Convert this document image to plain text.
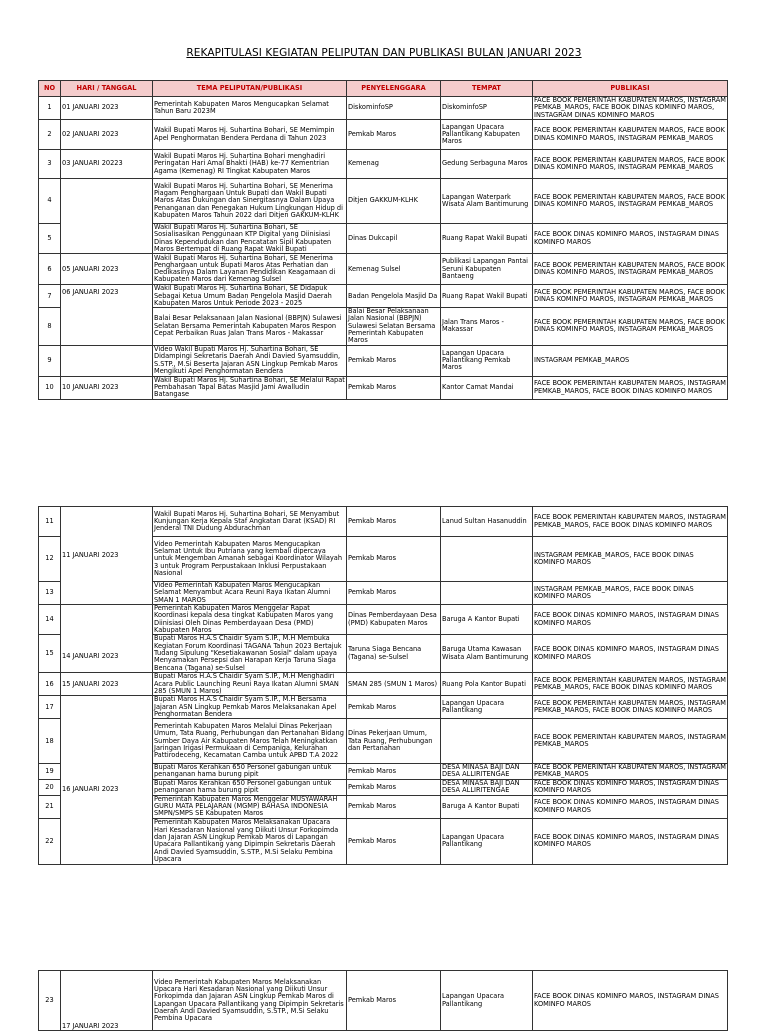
REKAPITULASI KEGIATAN PELIPUTAN DAN PUBLIKASI BULAN JANUARI 2023
NO	HARI / TANGGAL	TEMA PELIPUTAN/PUBLIKASI	PENYELENGGARA	TEMPAT	PUBLIKASI
1	01 JANUARI 2023	Pemerintah Kabupaten Maros Mengucapkan Selamat Tahun Baru 2023M	DiskominfoSP	DiskominfoSP	FACE BOOK PEMERINTAH KABUPATEN MAROS, INSTAGRAM PEMKAB_MAROS, FACE BOOK DINAS KOMINFO MAROS, INSTAGRAM DINAS KOMINFO MAROS
2	02 JANUARI 2023	Wakil Bupati Maros Hj. Suhartina Bohari, SE Memimpin Apel Penghormatan Bendera Perdana di Tahun 2023	Pemkab Maros	Lapangan Upacara Pallantikang Kabupaten Maros	FACE BOOK PEMERINTAH KABUPATEN MAROS, FACE BOOK DINAS KOMINFO MAROS, INSTAGRAM PEMKAB_MAROS
3	03 JANUARI 20223	Wakil Bupati Maros Hj. Suhartina Bohari menghadiri Peringatan Hari Amal Bhakti (HAB) ke-77 Kementrian Agama (Kemenag) RI Tingkat Kabupaten Maros	Kemenag	Gedung Serbaguna Maros	FACE BOOK PEMERINTAH KABUPATEN MAROS, FACE BOOK DINAS KOMINFO MAROS, INSTAGRAM PEMKAB_MAROS
4		Wakil Bupati Maros Hj. Suhartina Bohari, SE Menerima Piagam Penghargaan Untuk Bupati dan Wakil Bupati Maros Atas Dukungan dan Sinergitasnya Dalam Upaya Penanganan dan Penegakan Hukum Lingkungan Hidup di Kabupaten Maros Tahun 2022 dari Ditjen GAKKUM-KLHK	Ditjen GAKKUM-KLHK	Lapangan Waterpark Wisata Alam Bantimurung	FACE BOOK PEMERINTAH KABUPATEN MAROS, FACE BOOK DINAS KOMINFO MAROS, INSTAGRAM PEMKAB_MAROS
5		Wakil Bupati Maros Hj. Suhartina Bohari, SE Sosialisasikan Penggunaan KTP Digital yang Diinisiasi Dinas Kependudukan dan Pencatatan Sipil Kabupaten Maros Bertempat di Ruang Rapat Wakil Bupati	Dinas Dukcapil	Ruang Rapat Wakil Bupati	FACE BOOK DINAS KOMINFO MAROS, INSTAGRAM DINAS KOMINFO MAROS
6	05 JANUARI 2023	Wakil Bupati Maros Hj. Suhartina Bohari, SE Menerima Penghargaan untuk Bupati Maros Atas Perhatian dan Dedikasinya Dalam Layanan Pendidikan Keagamaan di Kabupaten Maros dari Kemenag Sulsel	Kemenag Sulsel	Publikasi Lapangan Pantai Seruni Kabupaten Bantaeng	FACE BOOK PEMERINTAH KABUPATEN MAROS, FACE BOOK DINAS KOMINFO MAROS, INSTAGRAM PEMKAB_MAROS
7	06 JANUARI 2023	Wakil Bupati Maros Hj. Suhartina Bohari, SE Didapuk Sebagai Ketua Umum Badan Pengelola Masjid Daerah Kabupaten Maros Untuk Periode 2023 - 2025	Badan Pengelola Masjid Da	Ruang Rapat Wakil Bupati	FACE BOOK PEMERINTAH KABUPATEN MAROS, FACE BOOK DINAS KOMINFO MAROS, INSTAGRAM PEMKAB_MAROS
8		Balai Besar Pelaksanaan Jalan Nasional (BBPJN) Sulawesi Selatan Bersama Pemerintah Kabupaten Maros Respon Cepat Perbaikan Ruas Jalan Trans Maros - Makassar	Balai Besar Pelaksanaan Jalan Nasional (BBPJN) Sulawesi Selatan Bersama Pemerintah Kabupaten Maros	Jalan Trans Maros - Makassar	FACE BOOK PEMERINTAH KABUPATEN MAROS, FACE BOOK DINAS KOMINFO MAROS, INSTAGRAM PEMKAB_MAROS
9		Video Wakil Bupati Maros Hj. Suhartina Bohari, SE Didampingi Sekretaris Daerah Andi Davied Syamsuddin, S.STP., M.Si Beserta Jajaran ASN Lingkup Pemkab Maros Mengikuti Apel Penghormatan Bendera	Pemkab Maros	Lapangan Upacara Pallantikang Pemkab Maros	INSTAGRAM PEMKAB_MAROS
10	10 JANUARI 2023	Wakil Bupati Maros Hj. Suhartina Bohari, SE Melalui Rapat Pembahasan Tapal Batas Masjid Jami Awalludin Batangase	Pemkab Maros	Kantor Camat Mandai	FACE BOOK PEMERINTAH KABUPATEN MAROS, INSTAGRAM PEMKAB_MAROS, FACE BOOK DINAS KOMINFO MAROS
11	11 JANUARI 2023	Wakil Bupati Maros Hj. Suhartina Bohari, SE Menyambut Kunjungan Kerja Kepala Staf Angkatan Darat (KSAD) RI Jenderal TNI Dudung Abdurachman	Pemkab Maros	Lanud Sultan Hasanuddin	FACE BOOK PEMERINTAH KABUPATEN MAROS, INSTAGRAM PEMKAB_MAROS, FACE BOOK DINAS KOMINFO MAROS
12		Video Pemerintah Kabupaten Maros Mengucapkan Selamat Untuk Ibu Putriana yang kembali dipercaya untuk Mengemban Amanah sebagai Koordinator Wilayah 3 untuk Program Perpustakaan Inklusi Perpustakaan Nasional	Pemkab Maros		INSTAGRAM PEMKAB_MAROS, FACE BOOK DINAS KOMINFO MAROS
13		Video Pemerintah Kabupaten Maros Mengucapkan Selamat Menyambut Acara Reuni Raya Ikatan Alumni SMAN 1 MAROS	Pemkab Maros		INSTAGRAM PEMKAB_MAROS, FACE BOOK DINAS KOMINFO MAROS
14	14 JANUARI 2023	Pemerintah Kabupaten Maros Menggelar Rapat Koordinasi kepala desa tingkat Kabupaten Maros yang Diinisiasi Oleh Dinas Pemberdayaan Desa (PMD) Kabupaten Maros	Dinas Pemberdayaan Desa (PMD) Kabupaten Maros	Baruga A Kantor Bupati	FACE BOOK DINAS KOMINFO MAROS, INSTAGRAM DINAS KOMINFO MAROS
15		Bupati Maros H.A.S Chaidir Syam S.IP., M.H Membuka Kegiatan Forum Koordinasi TAGANA Tahun 2023 Bertajuk Tudang Sipulung "Kesetiakawanan Sosial" dalam upaya Menyamakan Persepsi dan Harapan Kerja Taruna Siaga Bencana (Tagana) se-Sulsel	Taruna Siaga Bencana (Tagana) se-Sulsel	Baruga Utama Kawasan Wisata Alam Bantimurung	FACE BOOK DINAS KOMINFO MAROS, INSTAGRAM DINAS KOMINFO MAROS
16	15 JANUARI 2023	Bupati Maros H.A.S Chaidir Syam S.IP., M.H Menghadiri Acara Public Launching Reuni Raya Ikatan Alumni SMAN 285 (SMUN 1 Maros)	SMAN 285 (SMUN 1 Maros)	Ruang Pola Kantor Bupati	FACE BOOK PEMERINTAH KABUPATEN MAROS, INSTAGRAM PEMKAB_MAROS, FACE BOOK DINAS KOMINFO MAROS
17	16 JANUARI 2023	Bupati Maros H.A.S Chaidir Syam S.IP., M.H Bersama Jajaran ASN Lingkup Pemkab Maros Melaksanakan Apel Penghormatan Bendera	Pemkab Maros	Lapangan Upacara Pallantikang	FACE BOOK PEMERINTAH KABUPATEN MAROS, INSTAGRAM PEMKAB_MAROS, FACE BOOK DINAS KOMINFO MAROS
18		Pemerintah Kabupaten Maros Melalui Dinas Pekerjaan Umum, Tata Ruang, Perhubungan dan Pertanahan Bidang Sumber Daya Air Kabupaten Maros Telah Meningkatkan Jaringan Irigasi Permukaan di Cempaniga, Kelurahan Pattirodeceng, Kecamatan Camba untuk APBD T.A 2022	Dinas Pekerjaan Umum, Tata Ruang, Perhubungan dan Pertanahan		FACE BOOK PEMERINTAH KABUPATEN MAROS, INSTAGRAM PEMKAB_MAROS
19		Bupati Maros Kerahkan 650 Personel gabungan untuk penanganan hama burung pipit	Pemkab Maros	DESA MINASA BAJI DAN DESA ALLIRITENGAE	FACE BOOK PEMERINTAH KABUPATEN MAROS, INSTAGRAM PEMKAB_MAROS
20		Bupati Maros Kerahkan 650 Personel gabungan untuk penanganan hama burung pipit	Pemkab Maros	DESA MINASA BAJI DAN DESA ALLIRITENGAE	FACE BOOK DINAS KOMINFO MAROS, INSTAGRAM DINAS KOMINFO MAROS
21		Pemerintah Kabupaten Maros Menggelar MUSYAWARAH GURU MATA PELAJARAN (MGMP) BAHASA INDONESIA SMPN/SMPS SE Kabupaten Maros	Pemkab Maros	Baruga A Kantor Bupati	FACE BOOK DINAS KOMINFO MAROS, INSTAGRAM DINAS KOMINFO MAROS
22		Pemerintah Kabupaten Maros Melaksanakan Upacara Hari Kesadaran Nasional yang Diikuti Unsur Forkopimda dan Jajaran ASN Lingkup Pemkab Maros di Lapangan Upacara Pallantikang yang Dipimpin Sekretaris Daerah Andi Davied Syamsuddin, S.STP., M.Si Selaku Pembina Upacara	Pemkab Maros	Lapangan Upacara Pallantikang	FACE BOOK DINAS KOMINFO MAROS, INSTAGRAM DINAS KOMINFO MAROS
23	17 JANUARI 2023	Video Pemerintah Kabupaten Maros Melaksanakan Upacara Hari Kesadaran Nasional yang Diikuti Unsur Forkopimda dan Jajaran ASN Lingkup Pemkab Maros di Lapangan Upacara Pallantikang yang Dipimpin Sekretaris Daerah Andi Davied Syamsuddin, S.STP., M.Si Selaku Pembina Upacara	Pemkab Maros	Lapangan Upacara Pallantikang	FACE BOOK DINAS KOMINFO MAROS, INSTAGRAM DINAS KOMINFO MAROS
